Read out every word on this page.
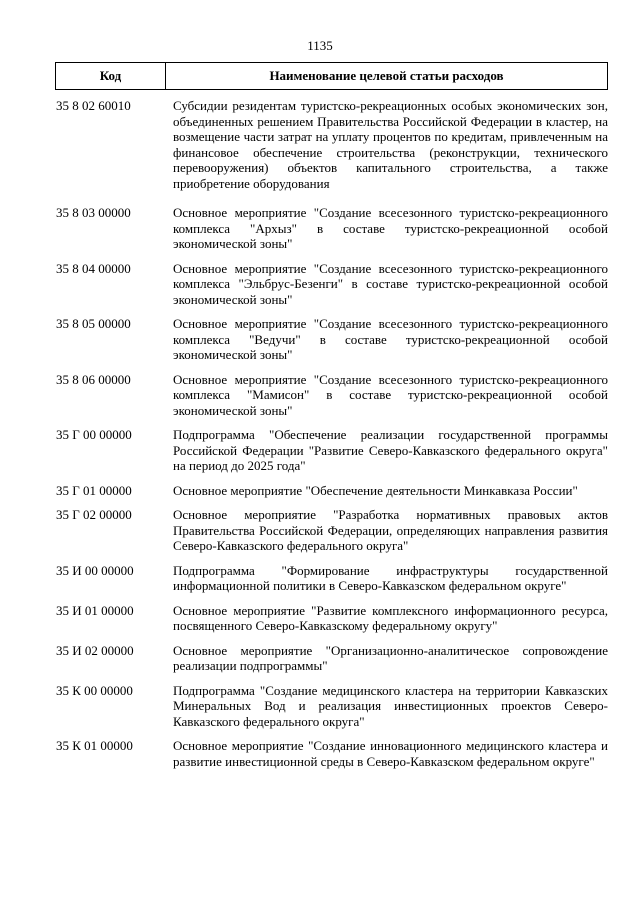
1135
Код	Наименование целевой статьи расходов
35 8 02 60010	Субсидии резидентам туристско-рекреационных особых экономических зон, объединенных решением Правительства Российской Федерации в кластер, на возмещение части затрат на уплату процентов по кредитам, привлеченным на финансовое обеспечение строительства (реконструкции, технического перевооружения) объектов капитального строительства, а также приобретение оборудования
35 8 03 00000	Основное мероприятие "Создание всесезонного туристско-рекреационного комплекса "Архыз" в составе туристско-рекреационной особой экономической зоны"
35 8 04 00000	Основное мероприятие "Создание всесезонного туристско-рекреационного комплекса "Эльбрус-Безенги" в составе туристско-рекреационной особой экономической зоны"
35 8 05 00000	Основное мероприятие "Создание всесезонного туристско-рекреационного комплекса "Ведучи" в составе туристско-рекреационной особой экономической зоны"
35 8 06 00000	Основное мероприятие "Создание всесезонного туристско-рекреационного комплекса "Мамисон" в составе туристско-рекреационной особой экономической зоны"
35 Г 00 00000	Подпрограмма "Обеспечение реализации государственной программы Российской Федерации "Развитие Северо-Кавказского федерального округа" на период до 2025 года"
35 Г 01 00000	Основное мероприятие "Обеспечение деятельности Минкавказа России"
35 Г 02 00000	Основное мероприятие "Разработка нормативных правовых актов Правительства Российской Федерации, определяющих направления развития Северо-Кавказского федерального округа"
35 И 00 00000	Подпрограмма "Формирование инфраструктуры государственной информационной политики в Северо-Кавказском федеральном округе"
35 И 01 00000	Основное мероприятие "Развитие комплексного информационного ресурса, посвященного Северо-Кавказскому федеральному округу"
35 И 02 00000	Основное мероприятие "Организационно-аналитическое сопровождение реализации подпрограммы"
35 К 00 00000	Подпрограмма "Создание медицинского кластера на территории Кавказских Минеральных Вод и реализация инвестиционных проектов Северо-Кавказского федерального округа"
35 К 01 00000	Основное мероприятие "Создание инновационного медицинского кластера и развитие инвестиционной среды в Северо-Кавказском федеральном округе"
